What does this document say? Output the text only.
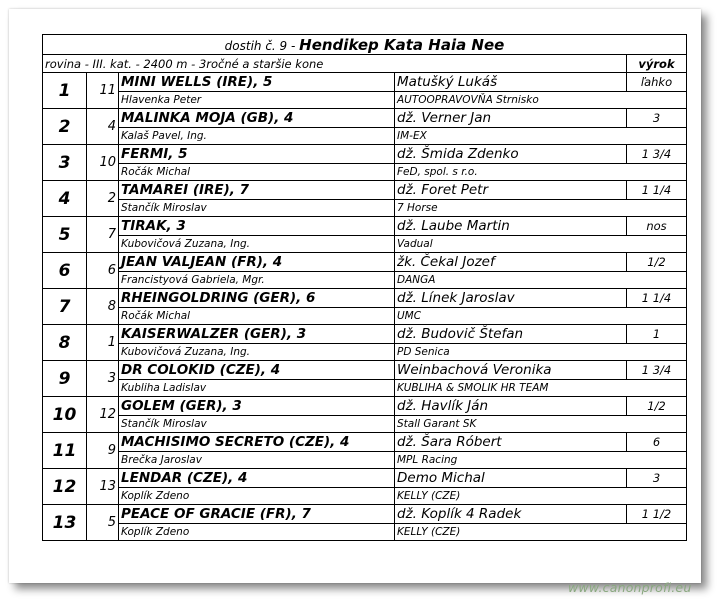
dostih č. 9 - Hendikep Kata Haia Nee				
rovina - III. kat. - 2400 m - 3ročné a staršie kone				výrok
1	11	MINI WELLS (IRE), 5	Matušký Lukáš	ľahko
		Hlavenka Peter	AUTOOPRAVOVŇA Strnisko	
2	4	MALINKA MOJA (GB), 4	dž. Verner Jan	3
		Kalaš Pavel, Ing.	IM-EX	
3	10	FERMI, 5	dž. Šmida Zdenko	1 3/4
		Ročák Michal	FeD, spol. s r.o.	
4	2	TAMAREI (IRE), 7	dž. Foret Petr	1 1/4
		Stančík Miroslav	7 Horse	
5	7	TIRAK, 3	dž. Laube Martin	nos
		Kubovičová Zuzana, Ing.	Vadual	
6	6	JEAN VALJEAN (FR), 4	žk. Čekal Jozef	1/2
		Francistyová Gabriela, Mgr.	DANGA	
7	8	RHEINGOLDRING (GER), 6	dž. Línek Jaroslav	1 1/4
		Ročák Michal	UMC	
8	1	KAISERWALZER (GER), 3	dž. Budovič Štefan	1
		Kubovičová Zuzana, Ing.	PD Senica	
9	3	DR COLOKID (CZE), 4	Weinbachová Veronika	1 3/4
		Kubliha Ladislav	KUBLIHA & SMOLIK HR TEAM	
10	12	GOLEM (GER), 3	dž. Havlík Ján	1/2
		Stančík Miroslav	Stall Garant SK	
11	9	MACHISIMO SECRETO (CZE), 4	dž. Šara Róbert	6
		Brečka Jaroslav	MPL Racing	
12	13	LENDAR (CZE), 4	Demo Michal	3
		Koplík Zdeno	KELLY (CZE)	
13	5	PEACE OF GRACIE (FR), 7	dž. Koplík 4 Radek	1 1/2
		Koplík Zdeno	KELLY (CZE)	
www.canonprofi.eu
